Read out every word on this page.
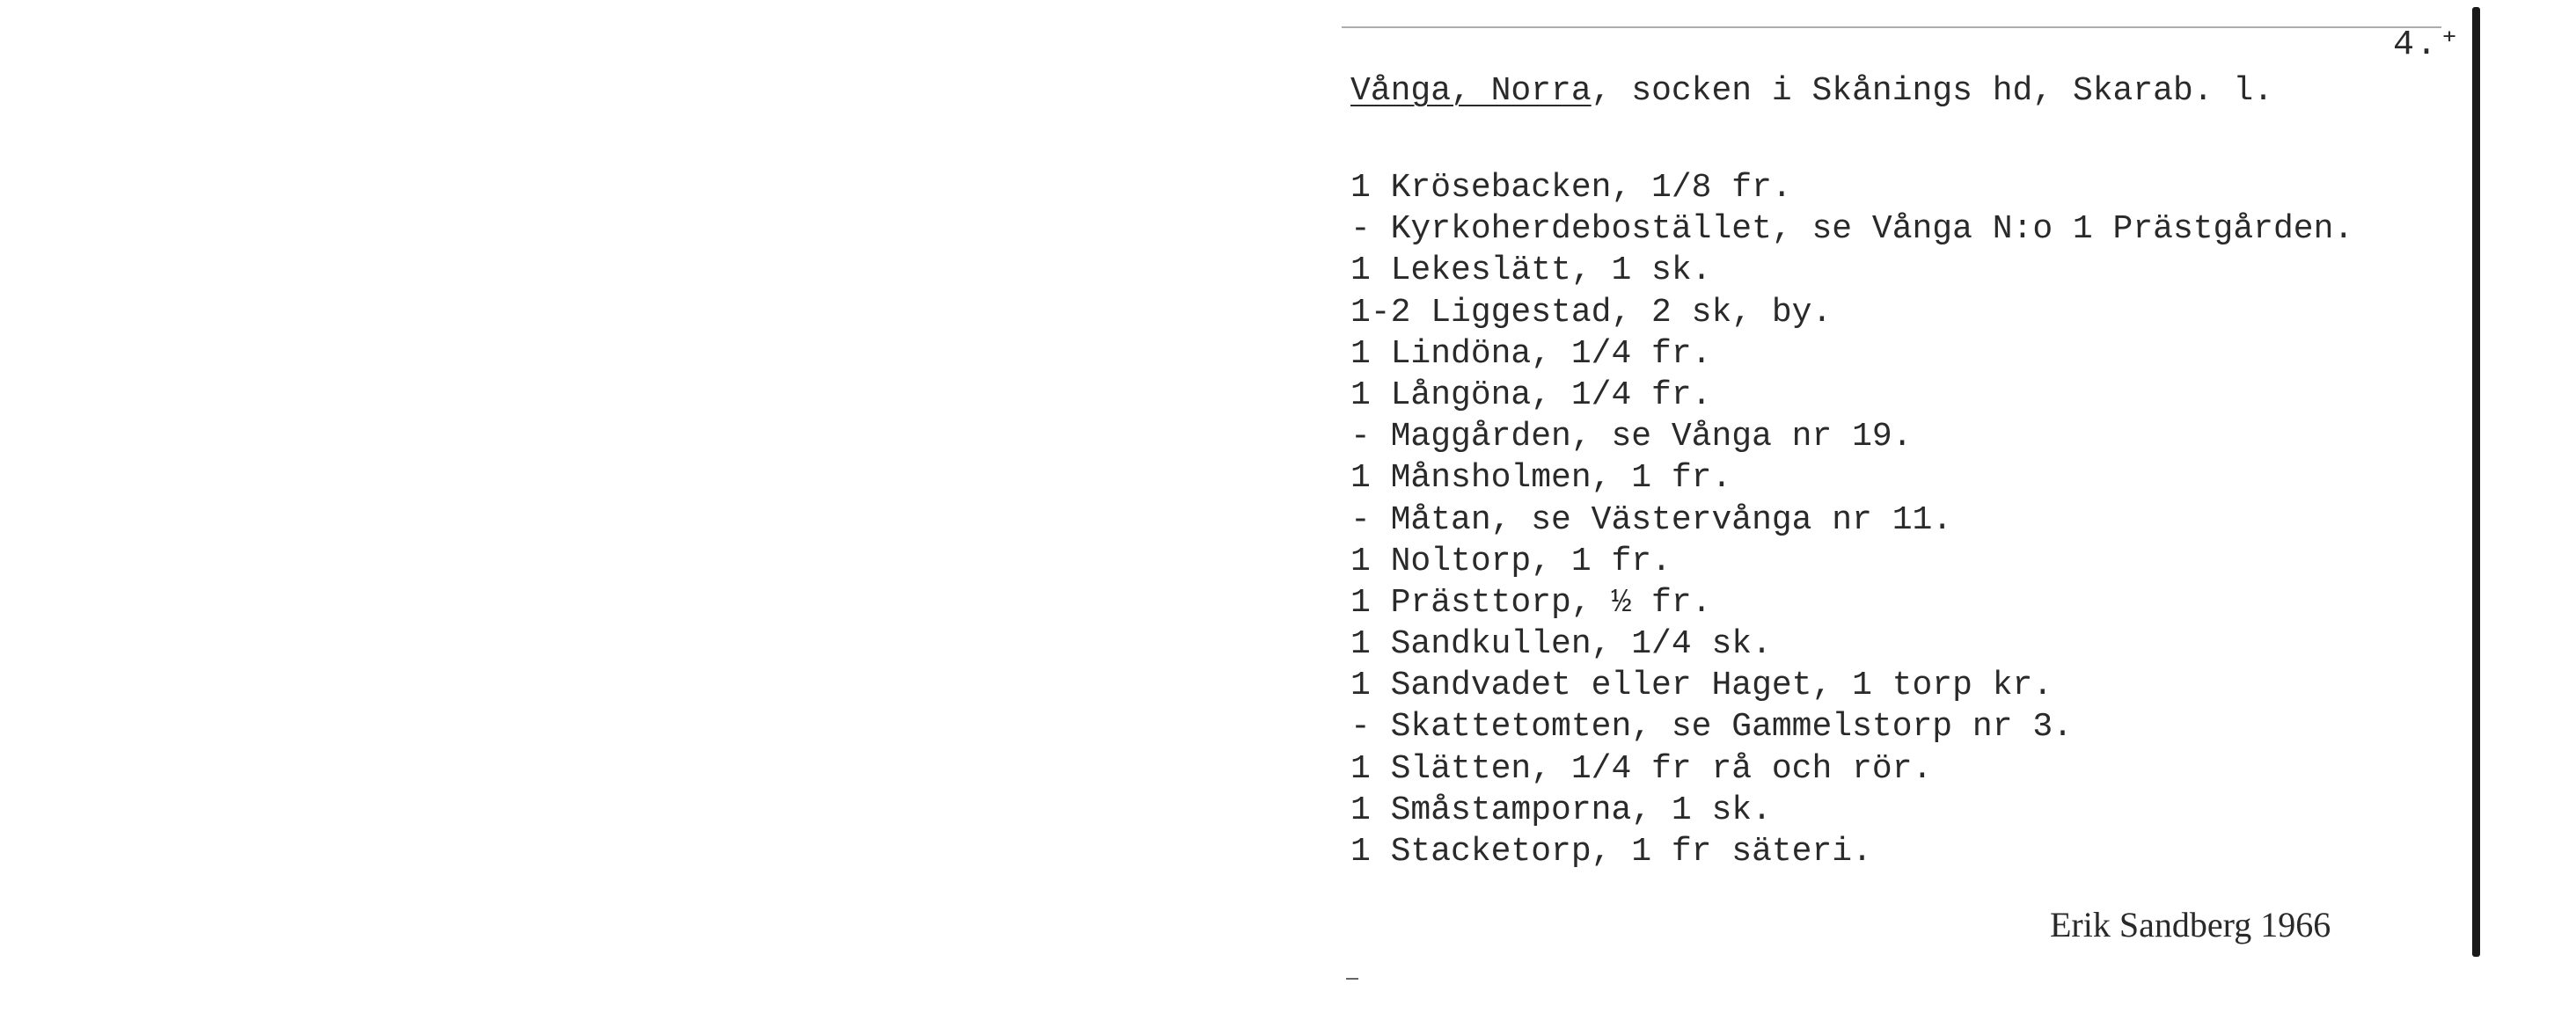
4.⁺
Vånga, Norra, socken i Skånings hd, Skarab. l.
1 Krösebacken, 1/8 fr.
- Kyrkoherdebostället, se Vånga N:o 1 Prästgården.
1 Lekeslätt, 1 sk.
1-2 Liggestad, 2 sk, by.
1 Lindöna, 1/4 fr.
1 Långöna, 1/4 fr.
- Maggården, se Vånga nr 19.
1 Månsholmen, 1 fr.
- Måtan, se Västervånga nr 11.
1 Noltorp, 1 fr.
1 Prästtorp, ½ fr.
1 Sandkullen, 1/4 sk.
1 Sandvadet eller Haget, 1 torp kr.
- Skattetomten, se Gammelstorp nr 3.
1 Slätten, 1/4 fr rå och rör.
1 Småstamporna, 1 sk.
1 Stacketorp, 1 fr säteri.
Erik Sandberg 1966
